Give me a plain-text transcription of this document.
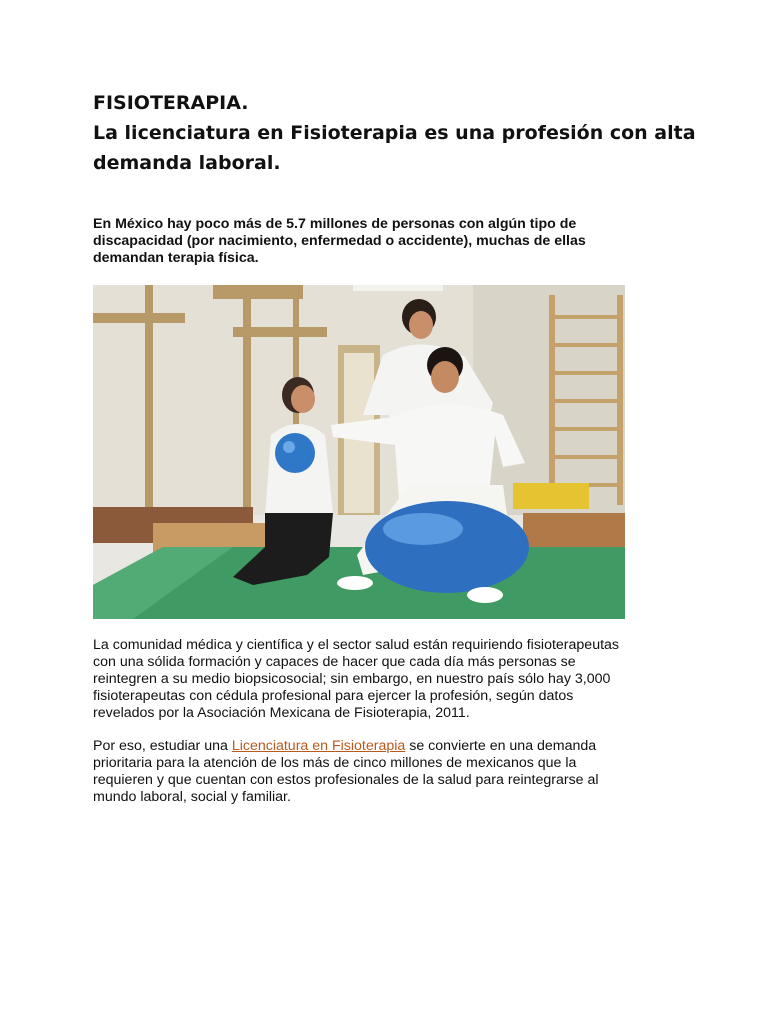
FISIOTERAPIA.
La licenciatura en Fisioterapia es una profesión con alta
demanda laboral.
En México hay poco más de 5.7 millones de personas con algún tipo de
discapacidad (por nacimiento, enfermedad o accidente), muchas de ellas
demandan terapia física.
La comunidad médica y científica y el sector salud están requiriendo fisioterapeutas
con una sólida formación y capaces de hacer que cada día más personas se
reintegren a su medio biopsicosocial; sin embargo, en nuestro país sólo hay 3,000
fisioterapeutas con cédula profesional para ejercer la profesión, según datos
revelados por la Asociación Mexicana de Fisioterapia, 2011.
Por eso, estudiar una Licenciatura en Fisioterapia se convierte en una demanda
prioritaria para la atención de los más de cinco millones de mexicanos que la
requieren y que cuentan con estos profesionales de la salud para reintegrarse al
mundo laboral, social y familiar.
